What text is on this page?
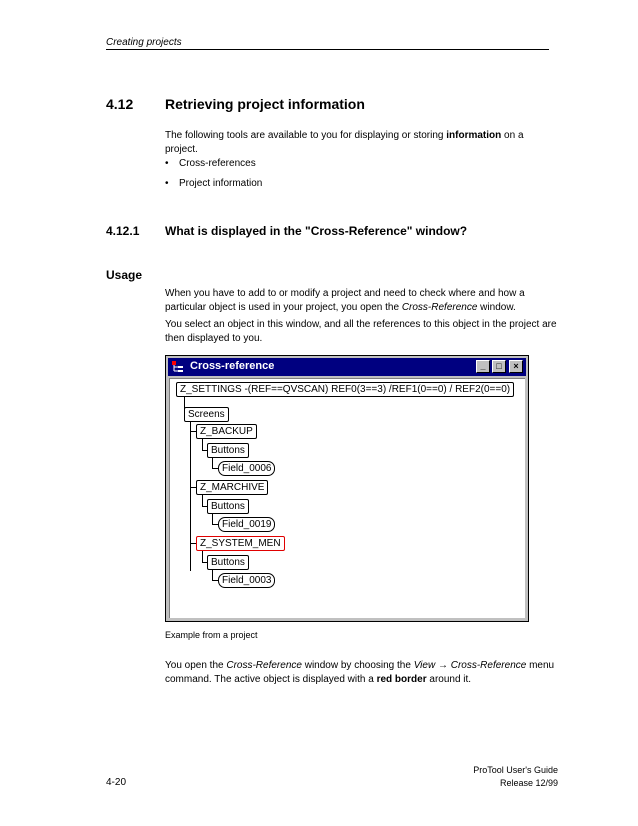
Creating projects
4.12 Retrieving project information
The following tools are available to you for displaying or storing information on a project.
• Cross-references
• Project information
4.12.1 What is displayed in the "Cross-Reference" window?
Usage
When you have to add to or modify a project and need to check where and how a particular object is used in your project, you open the Cross-Reference window.
You select an object in this window, and all the references to this object in the project are then displayed to you.
Cross-reference	_	□	×
Z_SETTINGS -(REF==QVSCAN) REF0(3==3) /REF1(0==0) / REF2(0==0)
Screens
Z_BACKUP
Buttons
Field_0006
Z_MARCHIVE
Buttons
Field_0019
Z_SYSTEM_MEN
Buttons
Field_0003
Example from a project
You open the Cross-Reference window by choosing the View → Cross-Reference menu command. The active object is displayed with a red border around it.
ProTool User's Guide
Release 12/99
4-20
